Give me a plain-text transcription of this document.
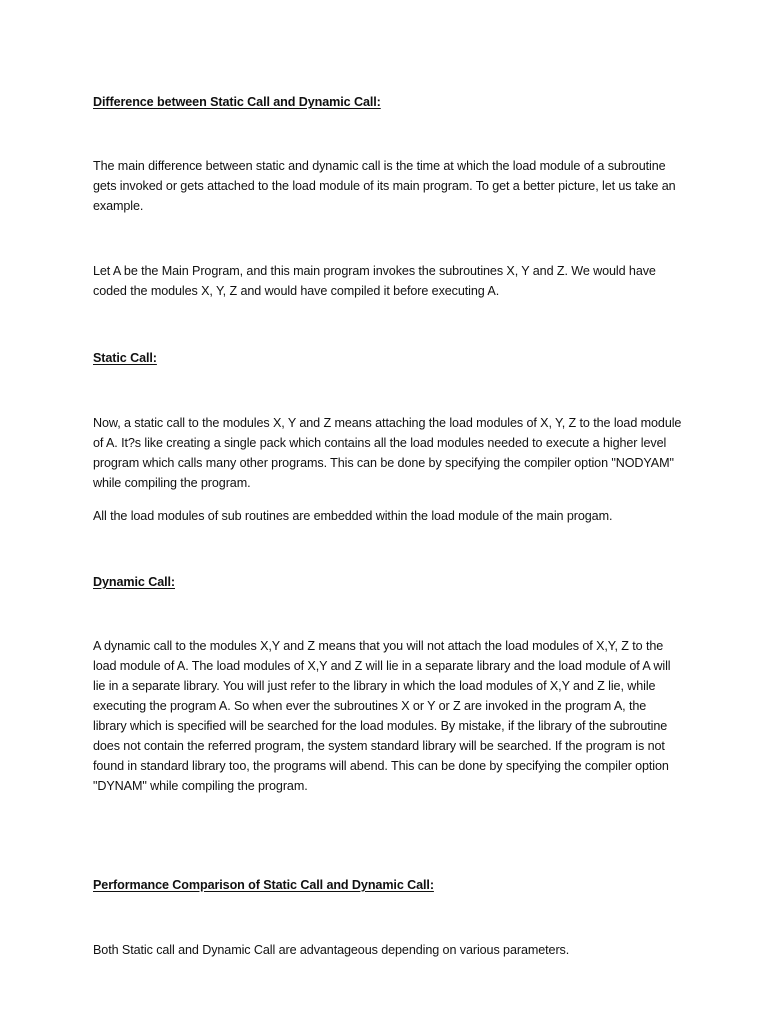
Difference between Static Call and Dynamic Call:

The main difference between static and dynamic call is the time at which the load module of a subroutine gets invoked or gets attached to the load module of its main program. To get a better picture, let us take an example.

Let A be the Main Program, and this main program invokes the subroutines X, Y and Z. We would have coded the modules X, Y, Z and would have compiled it before executing A.

Static Call:

Now, a static call to the modules X, Y and Z means attaching the load modules of X, Y, Z to the load module of A. It?s like creating a single pack which contains all the load modules needed to execute a higher level program which calls many other programs. This can be done by specifying the compiler option "NODYAM" while compiling the program.

All the load modules of sub routines are embedded within the load module of the main progam.

Dynamic Call:

A dynamic call to the modules X,Y and Z means that you will not attach the load modules of X,Y, Z to the load module of A. The load modules of X,Y and Z will lie in a separate library and the load module of A will lie in a separate library. You will just refer to the library in which the load modules of X,Y and Z lie, while executing the program A. So when ever the subroutines X or Y or Z are invoked in the program A, the library which is specified will be searched for the load modules. By mistake, if the library of the subroutine does not contain the referred program, the system standard library will be searched. If the program is not found in standard library too, the programs will abend. This can be done by specifying the compiler option "DYNAM" while compiling the program.

Performance Comparison of Static Call and Dynamic Call:

Both Static call and Dynamic Call are advantageous depending on various parameters.
